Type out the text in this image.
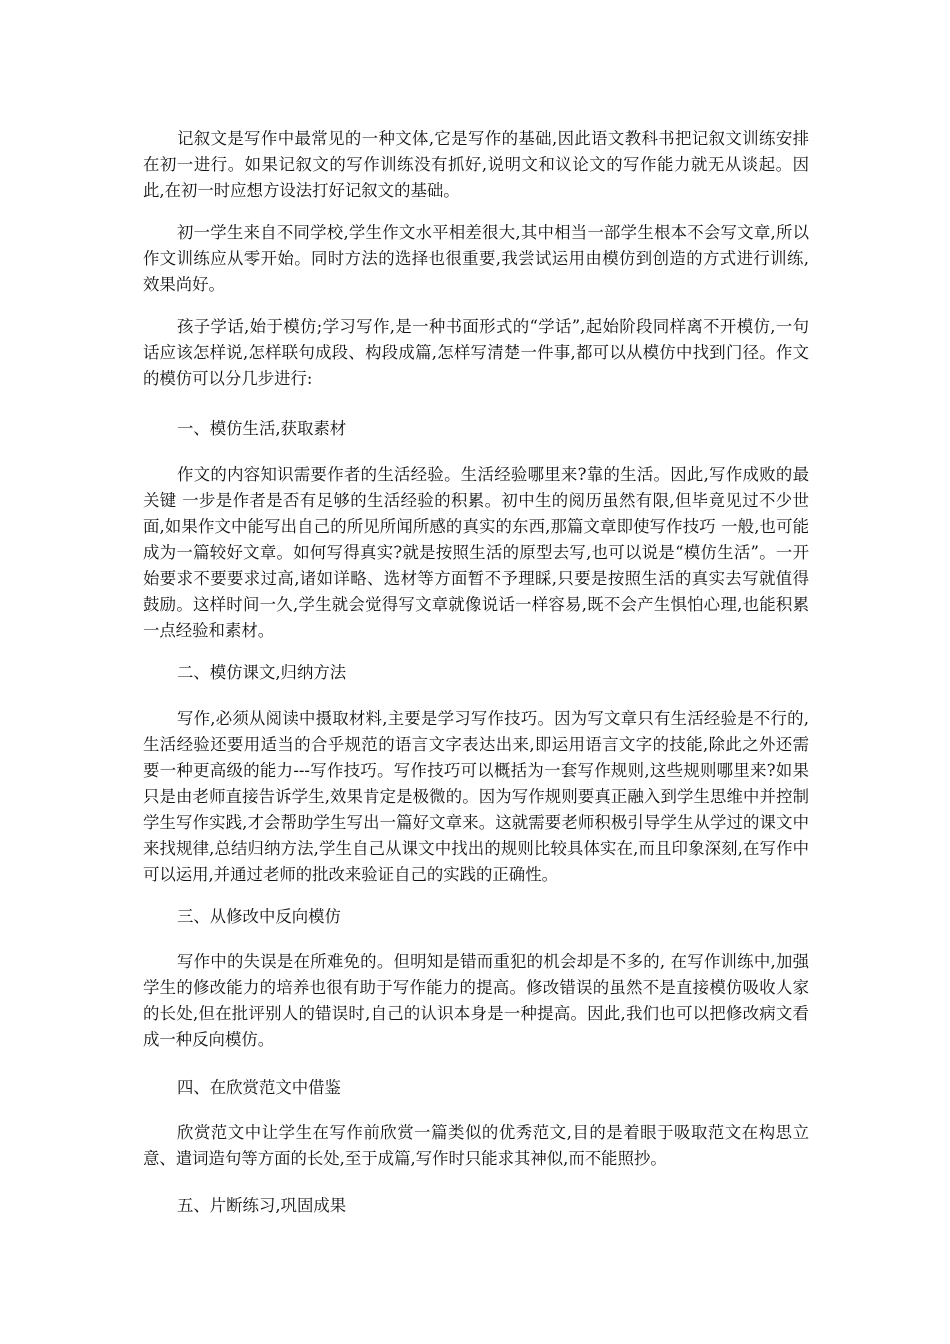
记叙文是写作中最常见的一种文体,它是写作的基础,因此语文教科书把记叙文训练安排在初一进行。如果记叙文的写作训练没有抓好,说明文和议论文的写作能力就无从谈起。因此,在初一时应想方设法打好记叙文的基础。

初一学生来自不同学校,学生作文水平相差很大,其中相当一部学生根本不会写文章,所以作文训练应从零开始。同时方法的选择也很重要,我尝试运用由模仿到创造的方式进行训练,效果尚好。

孩子学话,始于模仿;学习写作,是一种书面形式的“学话”,起始阶段同样离不开模仿,一句话应该怎样说,怎样联句成段、构段成篇,怎样写清楚一件事,都可以从模仿中找到门径。作文的模仿可以分几步进行:

一、模仿生活,获取素材

作文的内容知识需要作者的生活经验。生活经验哪里来?靠的生活。因此,写作成败的最关键 一步是作者是否有足够的生活经验的积累。初中生的阅历虽然有限,但毕竟见过不少世面,如果作文中能写出自己的所见所闻所感的真实的东西,那篇文章即使写作技巧 一般,也可能成为一篇较好文章。如何写得真实?就是按照生活的原型去写,也可以说是“模仿生活”。一开始要求不要要求过高,诸如详略、选材等方面暂不予理睬,只要是按照生活的真实去写就值得鼓励。这样时间一久,学生就会觉得写文章就像说话一样容易,既不会产生惧怕心理,也能积累一点经验和素材。

二、模仿课文,归纳方法

写作,必须从阅读中摄取材料,主要是学习写作技巧。因为写文章只有生活经验是不行的,生活经验还要用适当的合乎规范的语言文字表达出来,即运用语言文字的技能,除此之外还需要一种更高级的能力---写作技巧。写作技巧可以概括为一套写作规则,这些规则哪里来?如果只是由老师直接告诉学生,效果肯定是极微的。因为写作规则要真正融入到学生思维中并控制学生写作实践,才会帮助学生写出一篇好文章来。这就需要老师积极引导学生从学过的课文中来找规律,总结归纳方法,学生自己从课文中找出的规则比较具体实在,而且印象深刻,在写作中可以运用,并通过老师的批改来验证自己的实践的正确性。

三、从修改中反向模仿

写作中的失误是在所难免的。但明知是错而重犯的机会却是不多的, 在写作训练中,加强学生的修改能力的培养也很有助于写作能力的提高。修改错误的虽然不是直接模仿吸收人家的长处,但在批评别人的错误时,自己的认识本身是一种提高。因此,我们也可以把修改病文看成一种反向模仿。

四、在欣赏范文中借鉴

欣赏范文中让学生在写作前欣赏一篇类似的优秀范文,目的是着眼于吸取范文在构思立意、遣词造句等方面的长处,至于成篇,写作时只能求其神似,而不能照抄。

五、片断练习,巩固成果
